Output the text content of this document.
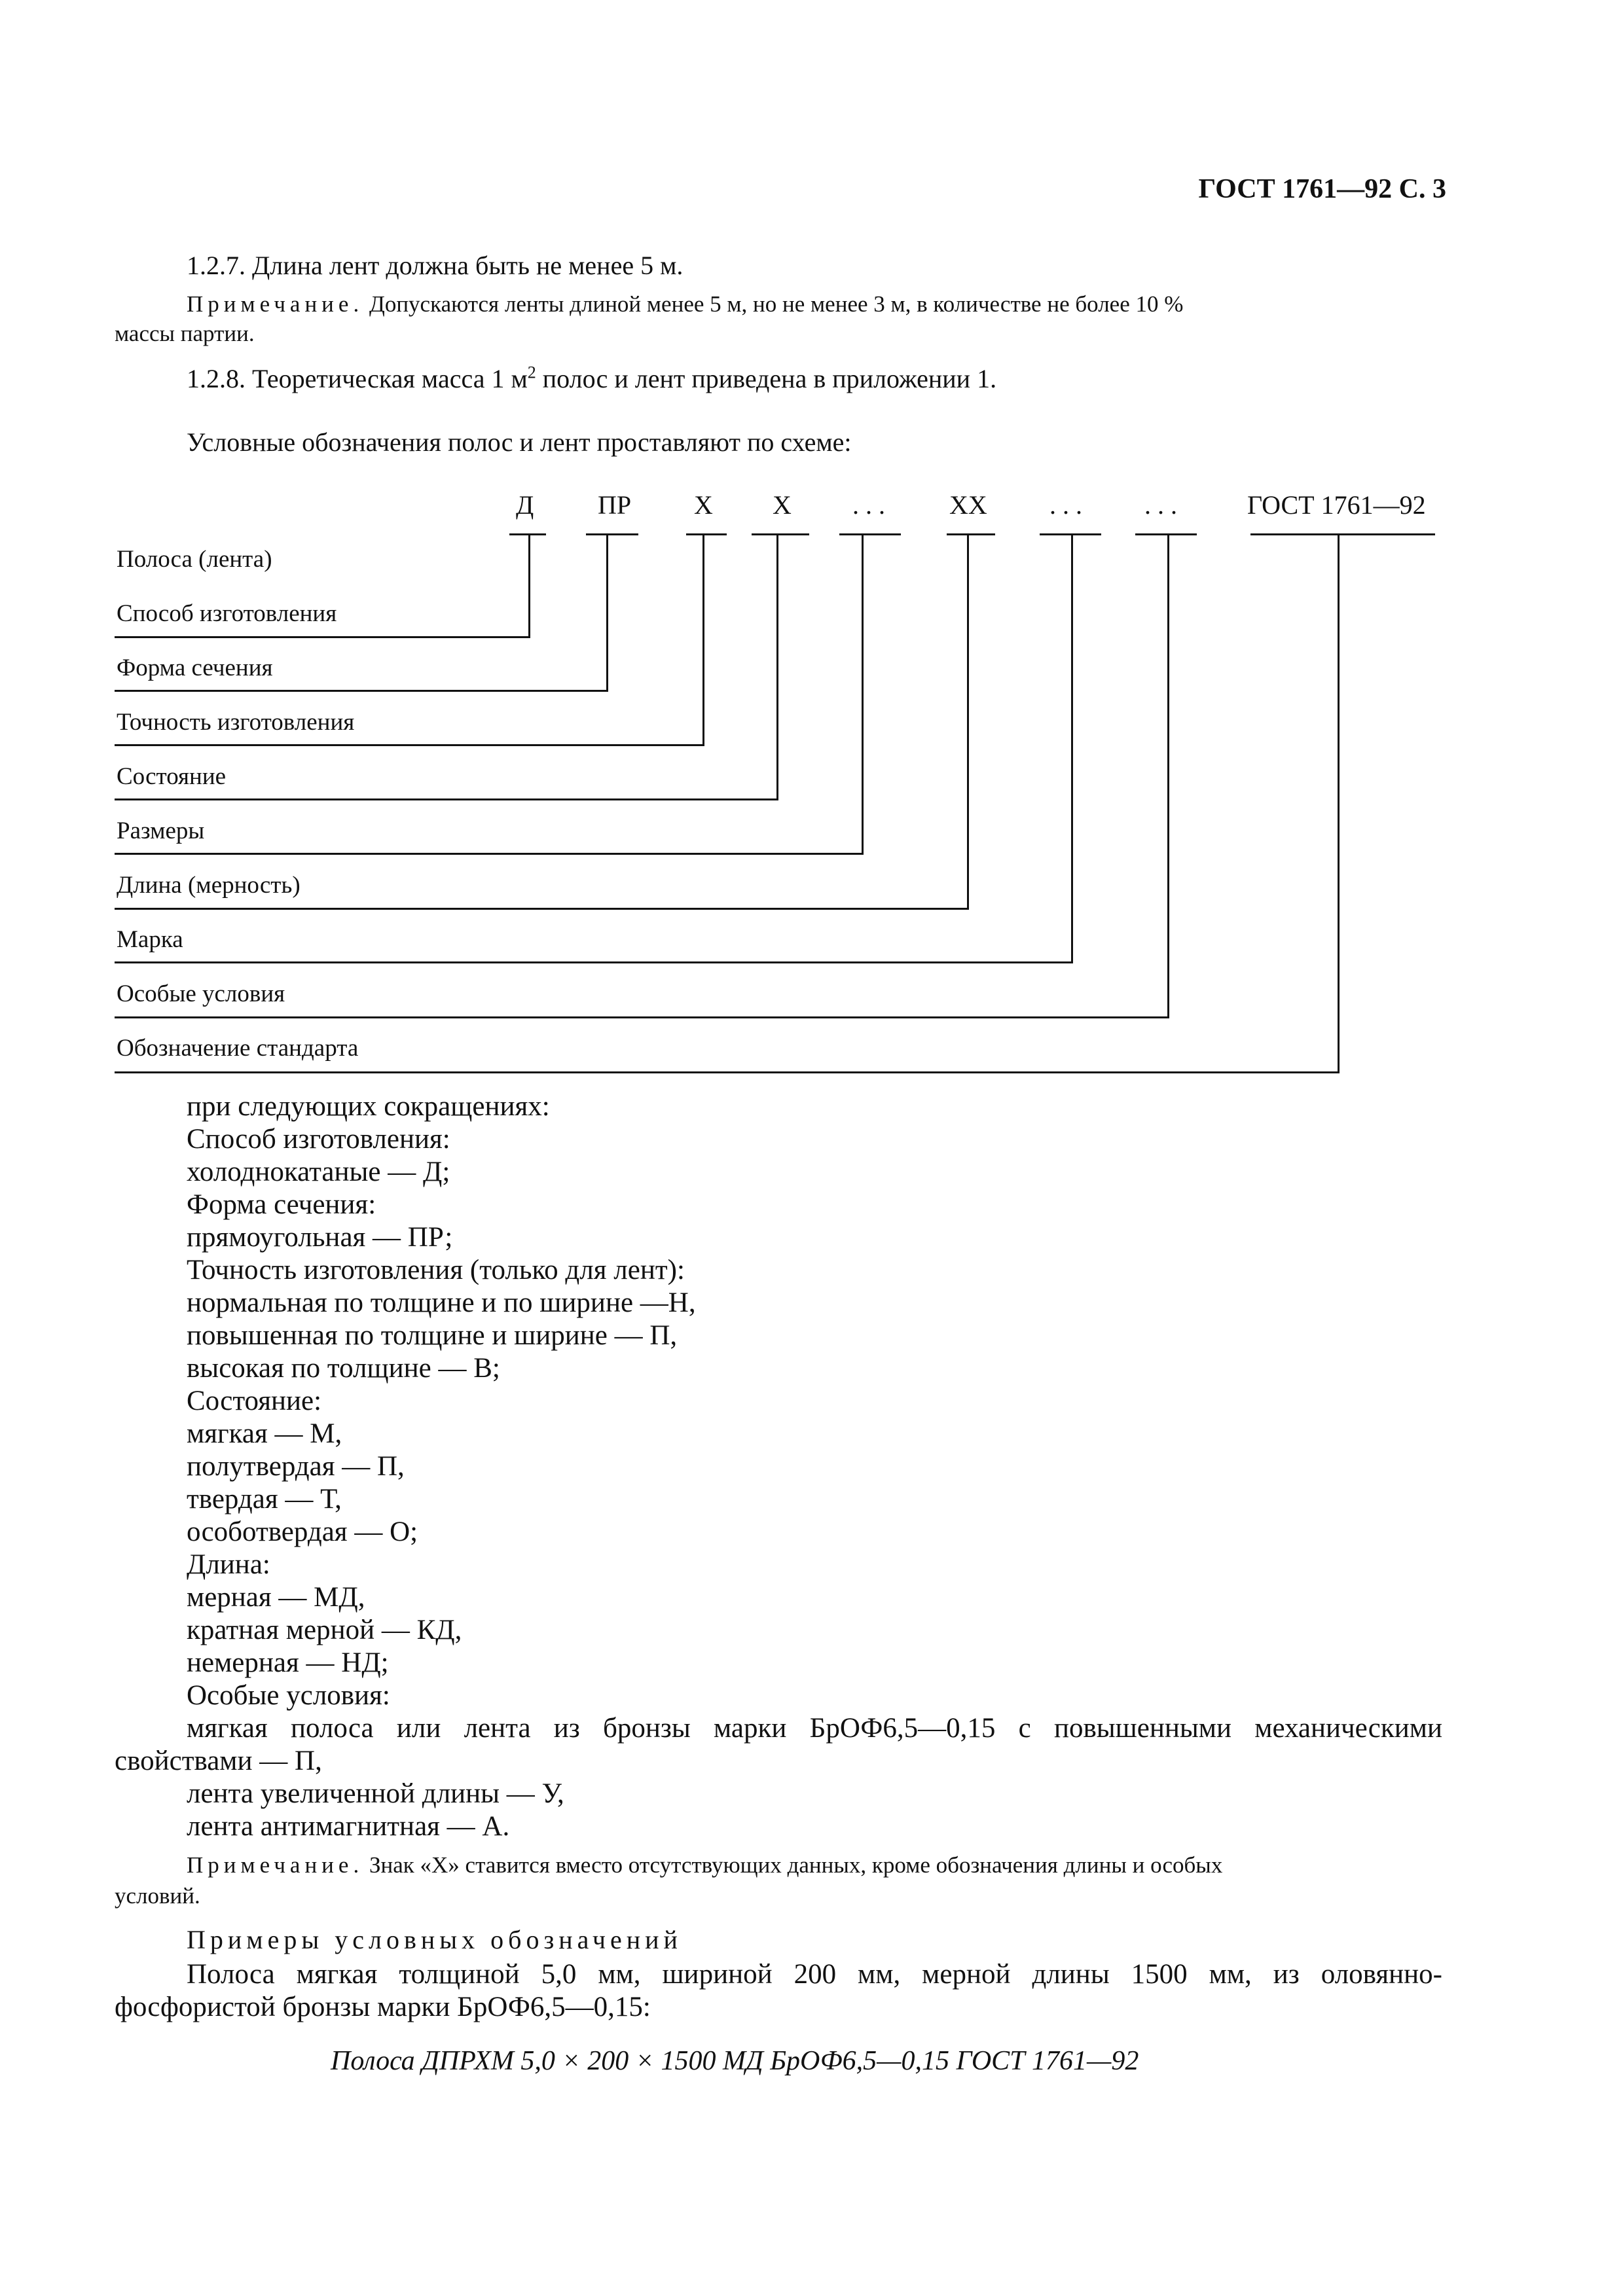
ГОСТ 1761—92 С. 3
1.2.7. Длина лент должна быть не менее 5 м.
Примечание. Допускаются ленты длиной менее 5 м, но не менее 3 м, в количестве не более 10 %
массы партии.
1.2.8. Теоретическая масса 1 $м^2$ полос и лент приведена в приложении 1.
Условные обозначения полос и лент проставляют по схеме:
Д ПР Х Х . . . ХХ . . . . . .	ГОСТ 1761—92
Полоса (лента)
Способ изготовления
Форма сечения
Точность изготовления
Состояние
Размеры
Длина (мерность)
Марка
Особые условия
Обозначение стандарта
при следующих сокращениях:
Способ изготовления:
холоднокатаные — Д;
Форма сечения:
прямоугольная — ПР;
Точность изготовления (только для лент):
нормальная по толщине и по ширине —Н,
повышенная по толщине и ширине — П,
высокая по толщине — В;
Состояние:
мягкая — М,
полутвердая — П,
твердая — Т,
особотвердая — О;
Длина:
мерная — МД,
кратная мерной — КД,
немерная — НД;
Особые условия:
мягкая полоса или лента из бронзы марки БрОФ6,5—0,15 с повышенными механическими
свойствами — П,
лента увеличенной длины — У,
лента антимагнитная — А.
Примечание. Знак «Х» ставится вместо отсутствующих данных, кроме обозначения длины и особых
условий.
Примеры условных обозначений
Полоса мягкая толщиной 5,0 мм, шириной 200 мм, мерной длины 1500 мм, из оловянно-
фосфористой бронзы марки БрОФ6,5—0,15:
Полоса ДПРХМ 5,0 × 200 × 1500 МД БрОФ6,5—0,15 ГОСТ 1761—92
